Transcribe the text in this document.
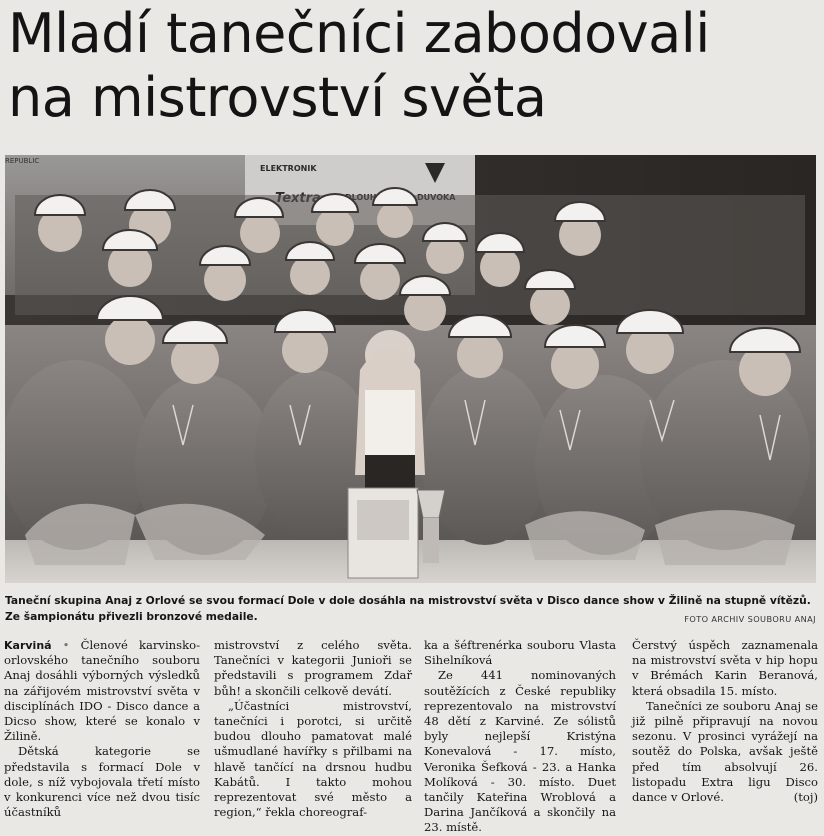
Mladí tanečníci zabodovali
na mistrovství světa
REPUBLIC
ELEKTRONIK
Taneční skupina Anaj z Orlové se svou formací Dole v dole dosáhla na mistrovství světa v Disco dance show v Žilině na stupně vítězů. Ze šampionátu přivezli bronzové medaile.	FOTO ARCHIV SOUBORU ANAJ

Karviná • Členové karvinsko-orlovského tanečního souboru Anaj dosáhli výborných výsledků na zářijovém mistrovství světa v disciplínách IDO - Disco dance a Dicso show, které se konalo v Žilině.

Dětská kategorie se představila s formací Dole v dole, s níž vybojovala třetí místo v konkurenci více než dvou tisíc účastníků

mistrovství z celého světa. Tanečníci v kategorii Junioři se představili s programem Zdař bůh! a skončili celkově devátí.

„Účastníci mistrovství, tanečníci i porotci, si určitě budou dlouho pamatovat malé ušmudlané havířky s přilbami na hlavě tančící na drsnou hudbu Kabátů. I takto mohou reprezentovat své město a region,“ řekla choreograf-

ka a šéftrenérka souboru Vlasta Sihelníková

Ze 441 nominovaných soutěžících z České republiky reprezentovalo na mistrovství 48 dětí z Karviné. Ze sólistů byly nejlepší Kristýna Konevalová - 17. místo, Veronika Šefková - 23. a Hanka Molíková - 30. místo. Duet tančily Kateřina Wroblová a Darina Jančíková a skončily na 23. místě.

Čerstvý úspěch zaznamenala na mistrovství světa v hip hopu v Brémách Karin Beranová, která obsadila 15. místo.

Tanečníci ze souboru Anaj se již pilně připravují na novou sezonu. V prosinci vyrážejí na soutěž do Polska, avšak ještě před tím absolvují 26. listopadu Extra ligu Disco dance v Orlové.	(toj)
